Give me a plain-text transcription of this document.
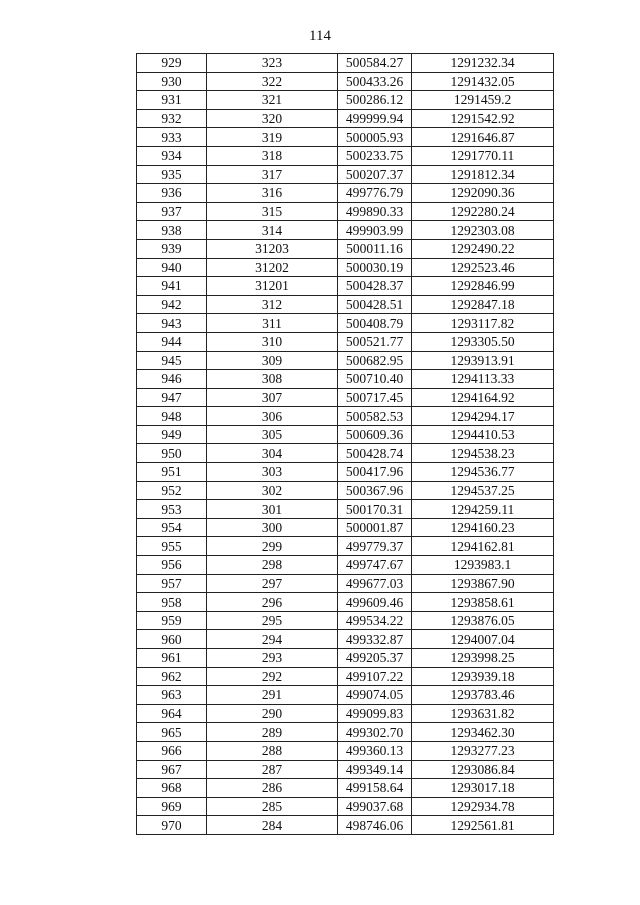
114
929	323	500584.27	1291232.34
930	322	500433.26	1291432.05
931	321	500286.12	1291459.2
932	320	499999.94	1291542.92
933	319	500005.93	1291646.87
934	318	500233.75	1291770.11
935	317	500207.37	1291812.34
936	316	499776.79	1292090.36
937	315	499890.33	1292280.24
938	314	499903.99	1292303.08
939	31203	500011.16	1292490.22
940	31202	500030.19	1292523.46
941	31201	500428.37	1292846.99
942	312	500428.51	1292847.18
943	311	500408.79	1293117.82
944	310	500521.77	1293305.50
945	309	500682.95	1293913.91
946	308	500710.40	1294113.33
947	307	500717.45	1294164.92
948	306	500582.53	1294294.17
949	305	500609.36	1294410.53
950	304	500428.74	1294538.23
951	303	500417.96	1294536.77
952	302	500367.96	1294537.25
953	301	500170.31	1294259.11
954	300	500001.87	1294160.23
955	299	499779.37	1294162.81
956	298	499747.67	1293983.1
957	297	499677.03	1293867.90
958	296	499609.46	1293858.61
959	295	499534.22	1293876.05
960	294	499332.87	1294007.04
961	293	499205.37	1293998.25
962	292	499107.22	1293939.18
963	291	499074.05	1293783.46
964	290	499099.83	1293631.82
965	289	499302.70	1293462.30
966	288	499360.13	1293277.23
967	287	499349.14	1293086.84
968	286	499158.64	1293017.18
969	285	499037.68	1292934.78
970	284	498746.06	1292561.81
